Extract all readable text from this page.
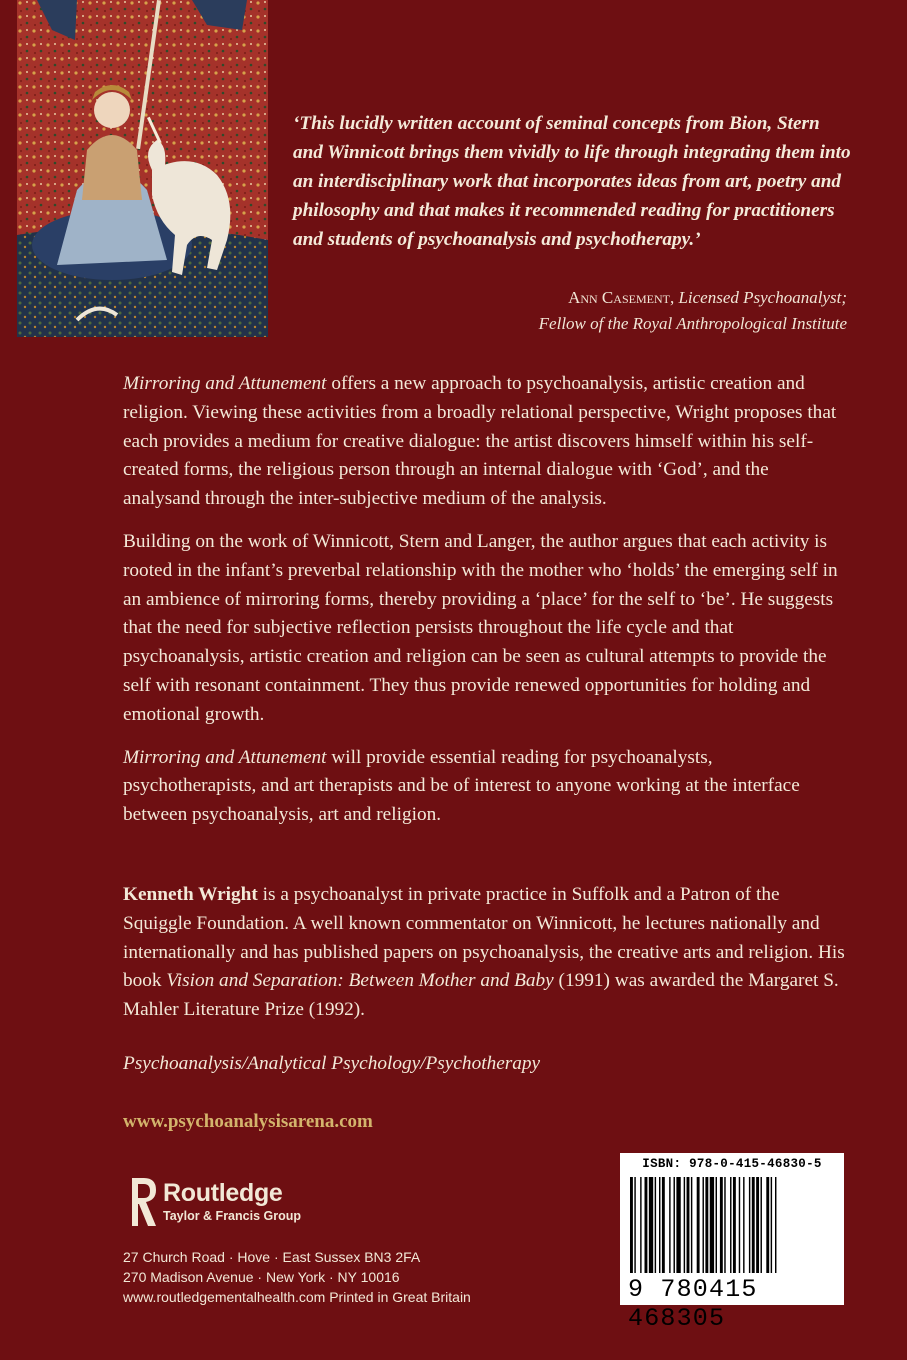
‘This lucidly written account of seminal concepts from Bion, Stern and Winnicott brings them vividly to life through integrating them into an interdisciplinary work that incorporates ideas from art, poetry and philosophy and that makes it recommended reading for practitioners and students of psychoanalysis and psychotherapy.’
Ann Casement, Licensed Psychoanalyst;
Fellow of the Royal Anthropological Institute

Mirroring and Attunement offers a new approach to psychoanalysis, artistic creation and religion. Viewing these activities from a broadly relational perspective, Wright proposes that each provides a medium for creative dialogue: the artist discovers himself within his self-created forms, the religious person through an internal dialogue with ‘God’, and the analysand through the inter-subjective medium of the analysis.

Building on the work of Winnicott, Stern and Langer, the author argues that each activity is rooted in the infant’s preverbal relationship with the mother who ‘holds’ the emerging self in an ambience of mirroring forms, thereby providing a ‘place’ for the self to ‘be’. He suggests that the need for subjective reflection persists throughout the life cycle and that psychoanalysis, artistic creation and religion can be seen as cultural attempts to provide the self with resonant containment. They thus provide renewed opportunities for holding and emotional growth.

Mirroring and Attunement will provide essential reading for psychoanalysts, psychotherapists, and art therapists and be of interest to anyone working at the interface between psychoanalysis, art and religion.

Kenneth Wright is a psychoanalyst in private practice in Suffolk and a Patron of the Squiggle Foundation. A well known commentator on Winnicott, he lectures nationally and internationally and has published papers on psychoanalysis, the creative arts and religion. His book Vision and Separation: Between Mother and Baby (1991) was awarded the Margaret S. Mahler Literature Prize (1992).
Psychoanalysis/Analytical Psychology/Psychotherapy
www.psychoanalysisarena.com
Routledge
Taylor & Francis Group
27 Church Road · Hove · East Sussex BN3 2FA
270 Madison Avenue · New York · NY 10016
www.routledgementalhealth.com Printed in Great Britain
ISBN: 978-0-415-46830-5
9 780415 468305
